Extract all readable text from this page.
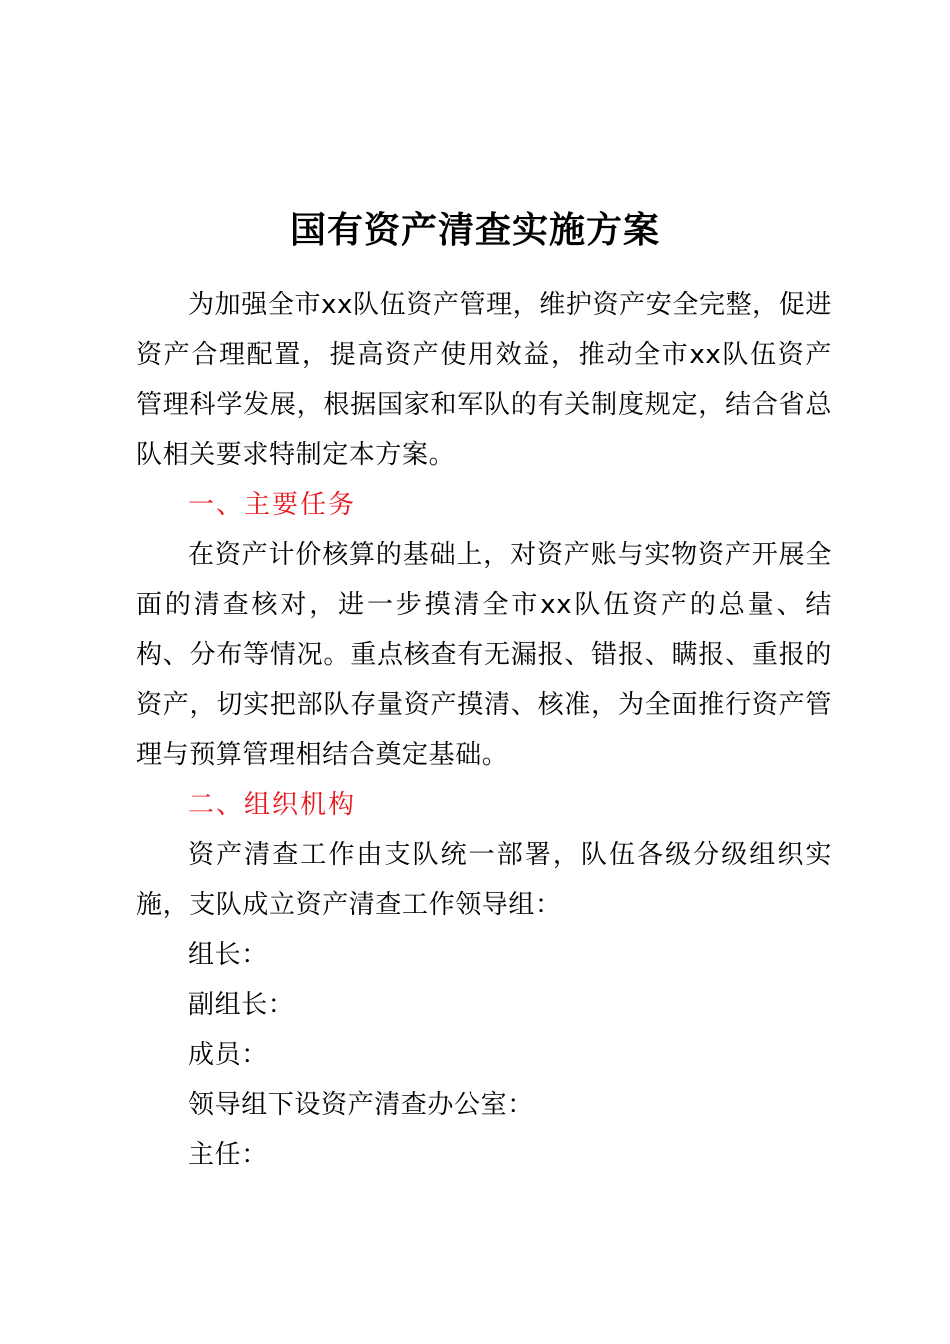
国有资产清查实施方案

为加强全市xx队伍资产管理，维护资产安全完整，促进资产合理配置，提高资产使用效益，推动全市xx队伍资产管理科学发展，根据国家和军队的有关制度规定，结合省总队相关要求特制定本方案。

一、主要任务

在资产计价核算的基础上，对资产账与实物资产开展全面的清查核对，进一步摸清全市xx队伍资产的总量、结构、分布等情况。重点核查有无漏报、错报、瞒报、重报的资产，切实把部队存量资产摸清、核准，为全面推行资产管理与预算管理相结合奠定基础。

二、组织机构

资产清查工作由支队统一部署，队伍各级分级组织实施，支队成立资产清查工作领导组：

组长：

副组长：

成员：

领导组下设资产清查办公室：

主任：
